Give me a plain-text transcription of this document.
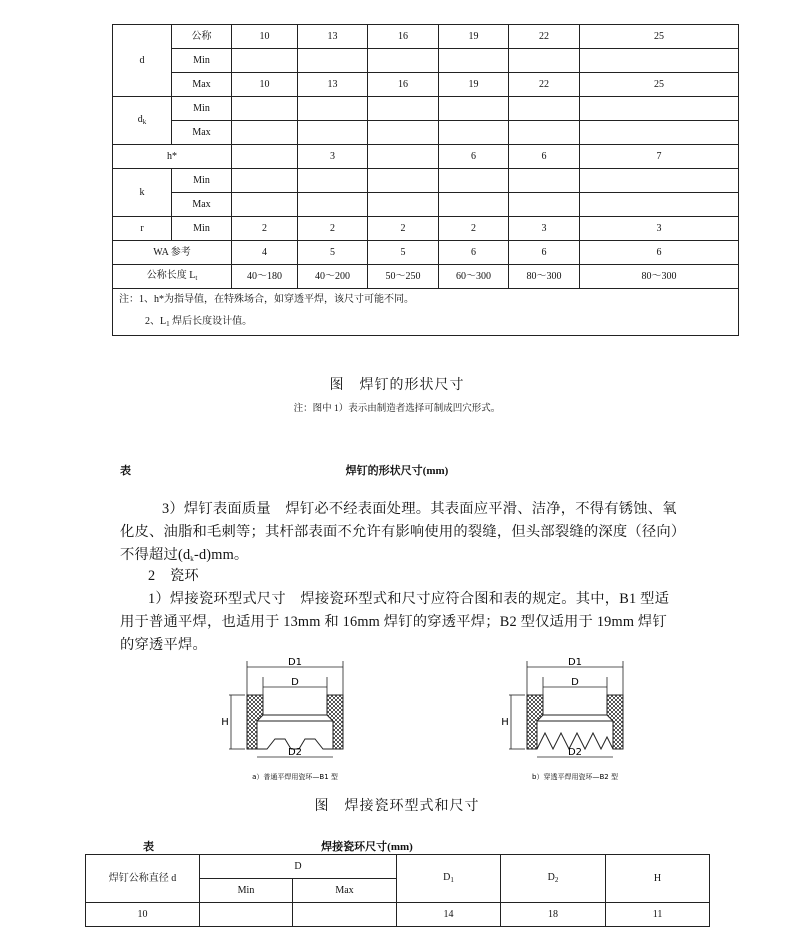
d	公称	10	13	16	19	22	25
	Min						
	Max	10	13	16	19	22	25
$d_k$	Min						
	Max						
h*			3		6	6	7
k	Min						
	Max						
r	Min	2	2	2	2	3	3
WA 参考		4	5	5	6	6	6
公称长度 $L_t$		40～180	40～200	50～250	60～300	80～300	80～300

注：1、h*为指导值，在特殊场合，如穿透平焊，该尺寸可能不同。
2、$L_1$ 焊后长度设计值。							
图　焊钉的形状尺寸
注：图中 1）表示由制造者选择可制成凹穴形式。
表	焊钉的形状尺寸(mm)
3）焊钉表面质量　焊钉必不经表面处理。其表面应平滑、洁净，不得有锈蚀、氧化皮、油脂和毛刺等；其杆部表面不允许有影响使用的裂缝，但头部裂缝的深度（径向）不得超过$(d_k-d)mm$。
2　瓷环
1）焊接瓷环型式尺寸　焊接瓷环型式和尺寸应符合图和表的规定。其中，B1 型适用于普通平焊，也适用于 13mm 和 16mm 焊钉的穿透平焊；B2 型仅适用于 19mm 焊钉的穿透平焊。
D1
D
H
D2
a）普通平焊用瓷环—B1 型
D1
D
H
D2
b）穿透平焊用瓷环—B2 型
图　焊接瓷环型式和尺寸
表	焊接瓷环尺寸(mm)
焊钉公称直径 d	D		$D_1$	$D_2$	H
	Min	Max			
10			14	18	11
